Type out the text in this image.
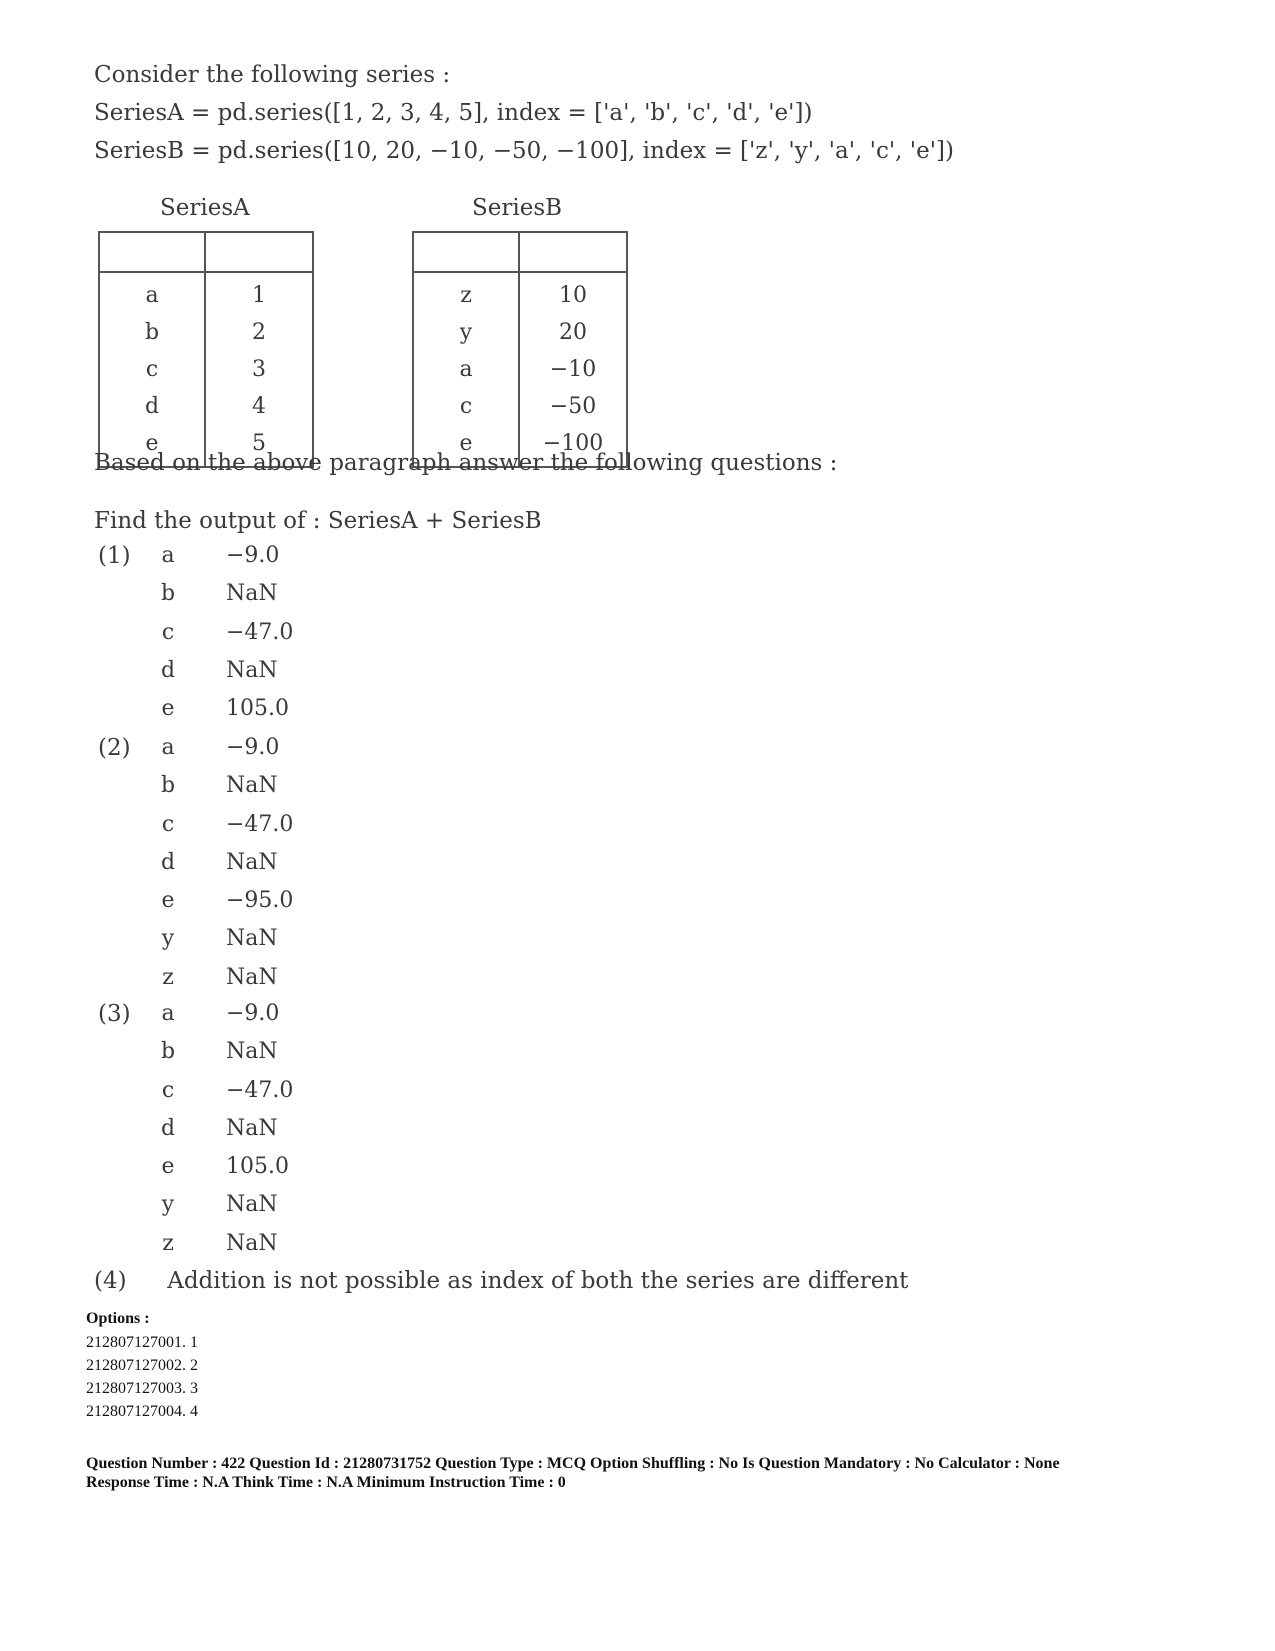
Consider the following series :
SeriesA = pd.series([1, 2, 3, 4, 5], index = ['a', 'b', 'c', 'd', 'e'])
SeriesB = pd.series([10, 20, −10, −50, −100], index = ['z', 'y', 'a', 'c', 'e'])
SeriesA
a
b
c
d
e
1
2
3
4
5
SeriesB
z
y
a
c
e
10
20
−10
−50
−100
Based on the above paragraph answer the following questions :
Find the output of : SeriesA + SeriesB
(1) a −9.0
b NaN
c −47.0
d NaN
e 105.0
(2) a −9.0
b NaN
c −47.0
d NaN
e −95.0
y NaN
z NaN
(3) a −9.0
b NaN
c −47.0
d NaN
e 105.0
y NaN
z NaN
(4) Addition is not possible as index of both the series are different
Options :
212807127001. 1
212807127002. 2
212807127003. 3
212807127004. 4
Question Number : 422 Question Id : 21280731752 Question Type : MCQ Option Shuffling : No Is Question Mandatory : No Calculator : None
Response Time : N.A Think Time : N.A Minimum Instruction Time : 0
